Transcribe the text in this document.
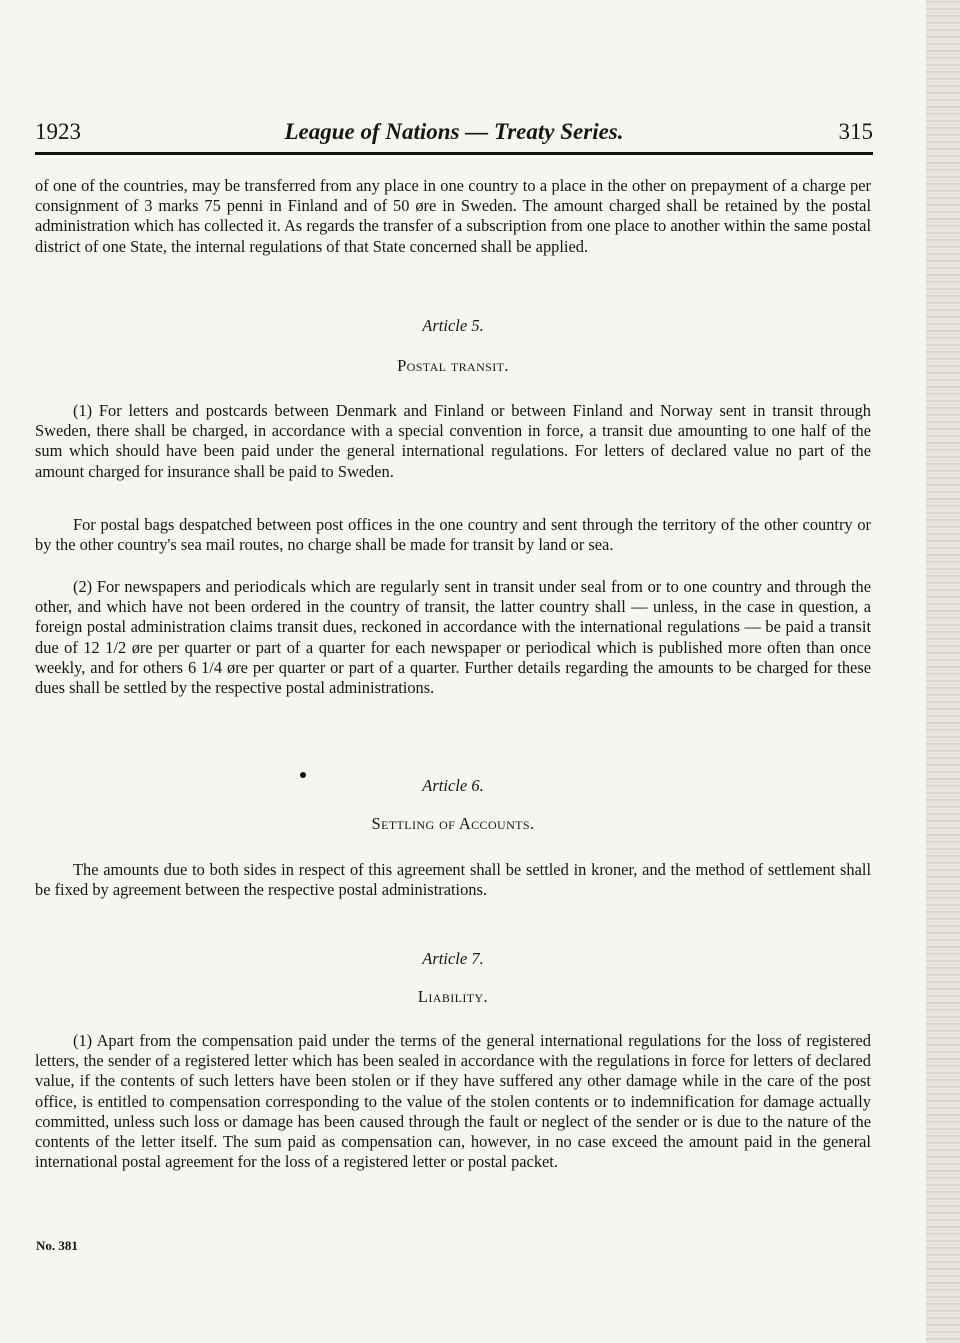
1923	League of Nations — Treaty Series.	315

of one of the countries, may be transferred from any place in one country to a place in the other on prepayment of a charge per consignment of 3 marks 75 penni in Finland and of 50 øre in Sweden. The amount charged shall be retained by the postal administration which has collected it. As regards the transfer of a subscription from one place to another within the same postal district of one State, the internal regulations of that State concerned shall be applied.

Article 5.
Postal transit.

(1) For letters and postcards between Denmark and Finland or between Finland and Norway sent in transit through Sweden, there shall be charged, in accordance with a special convention in force, a transit due amounting to one half of the sum which should have been paid under the general international regulations. For letters of declared value no part of the amount charged for insurance shall be paid to Sweden.

For postal bags despatched between post offices in the one country and sent through the territory of the other country or by the other country's sea mail routes, no charge shall be made for transit by land or sea.

(2) For newspapers and periodicals which are regularly sent in transit under seal from or to one country and through the other, and which have not been ordered in the country of transit, the latter country shall — unless, in the case in question, a foreign postal administration claims transit dues, reckoned in accordance with the international regulations — be paid a transit due of 12 1/2 øre per quarter or part of a quarter for each newspaper or periodical which is published more often than once weekly, and for others 6 1/4 øre per quarter or part of a quarter. Further details regarding the amounts to be charged for these dues shall be settled by the respective postal administrations.

Article 6.
Settling of Accounts.

The amounts due to both sides in respect of this agreement shall be settled in kroner, and the method of settlement shall be fixed by agreement between the respective postal administrations.

Article 7.
Liability.

(1) Apart from the compensation paid under the terms of the general international regulations for the loss of registered letters, the sender of a registered letter which has been sealed in accordance with the regulations in force for letters of declared value, if the contents of such letters have been stolen or if they have suffered any other damage while in the care of the post office, is entitled to compensation corresponding to the value of the stolen contents or to indemnification for damage actually committed, unless such loss or damage has been caused through the fault or neglect of the sender or is due to the nature of the contents of the letter itself. The sum paid as compensation can, however, in no case exceed the amount paid in the general international postal agreement for the loss of a registered letter or postal packet.

No. 381
